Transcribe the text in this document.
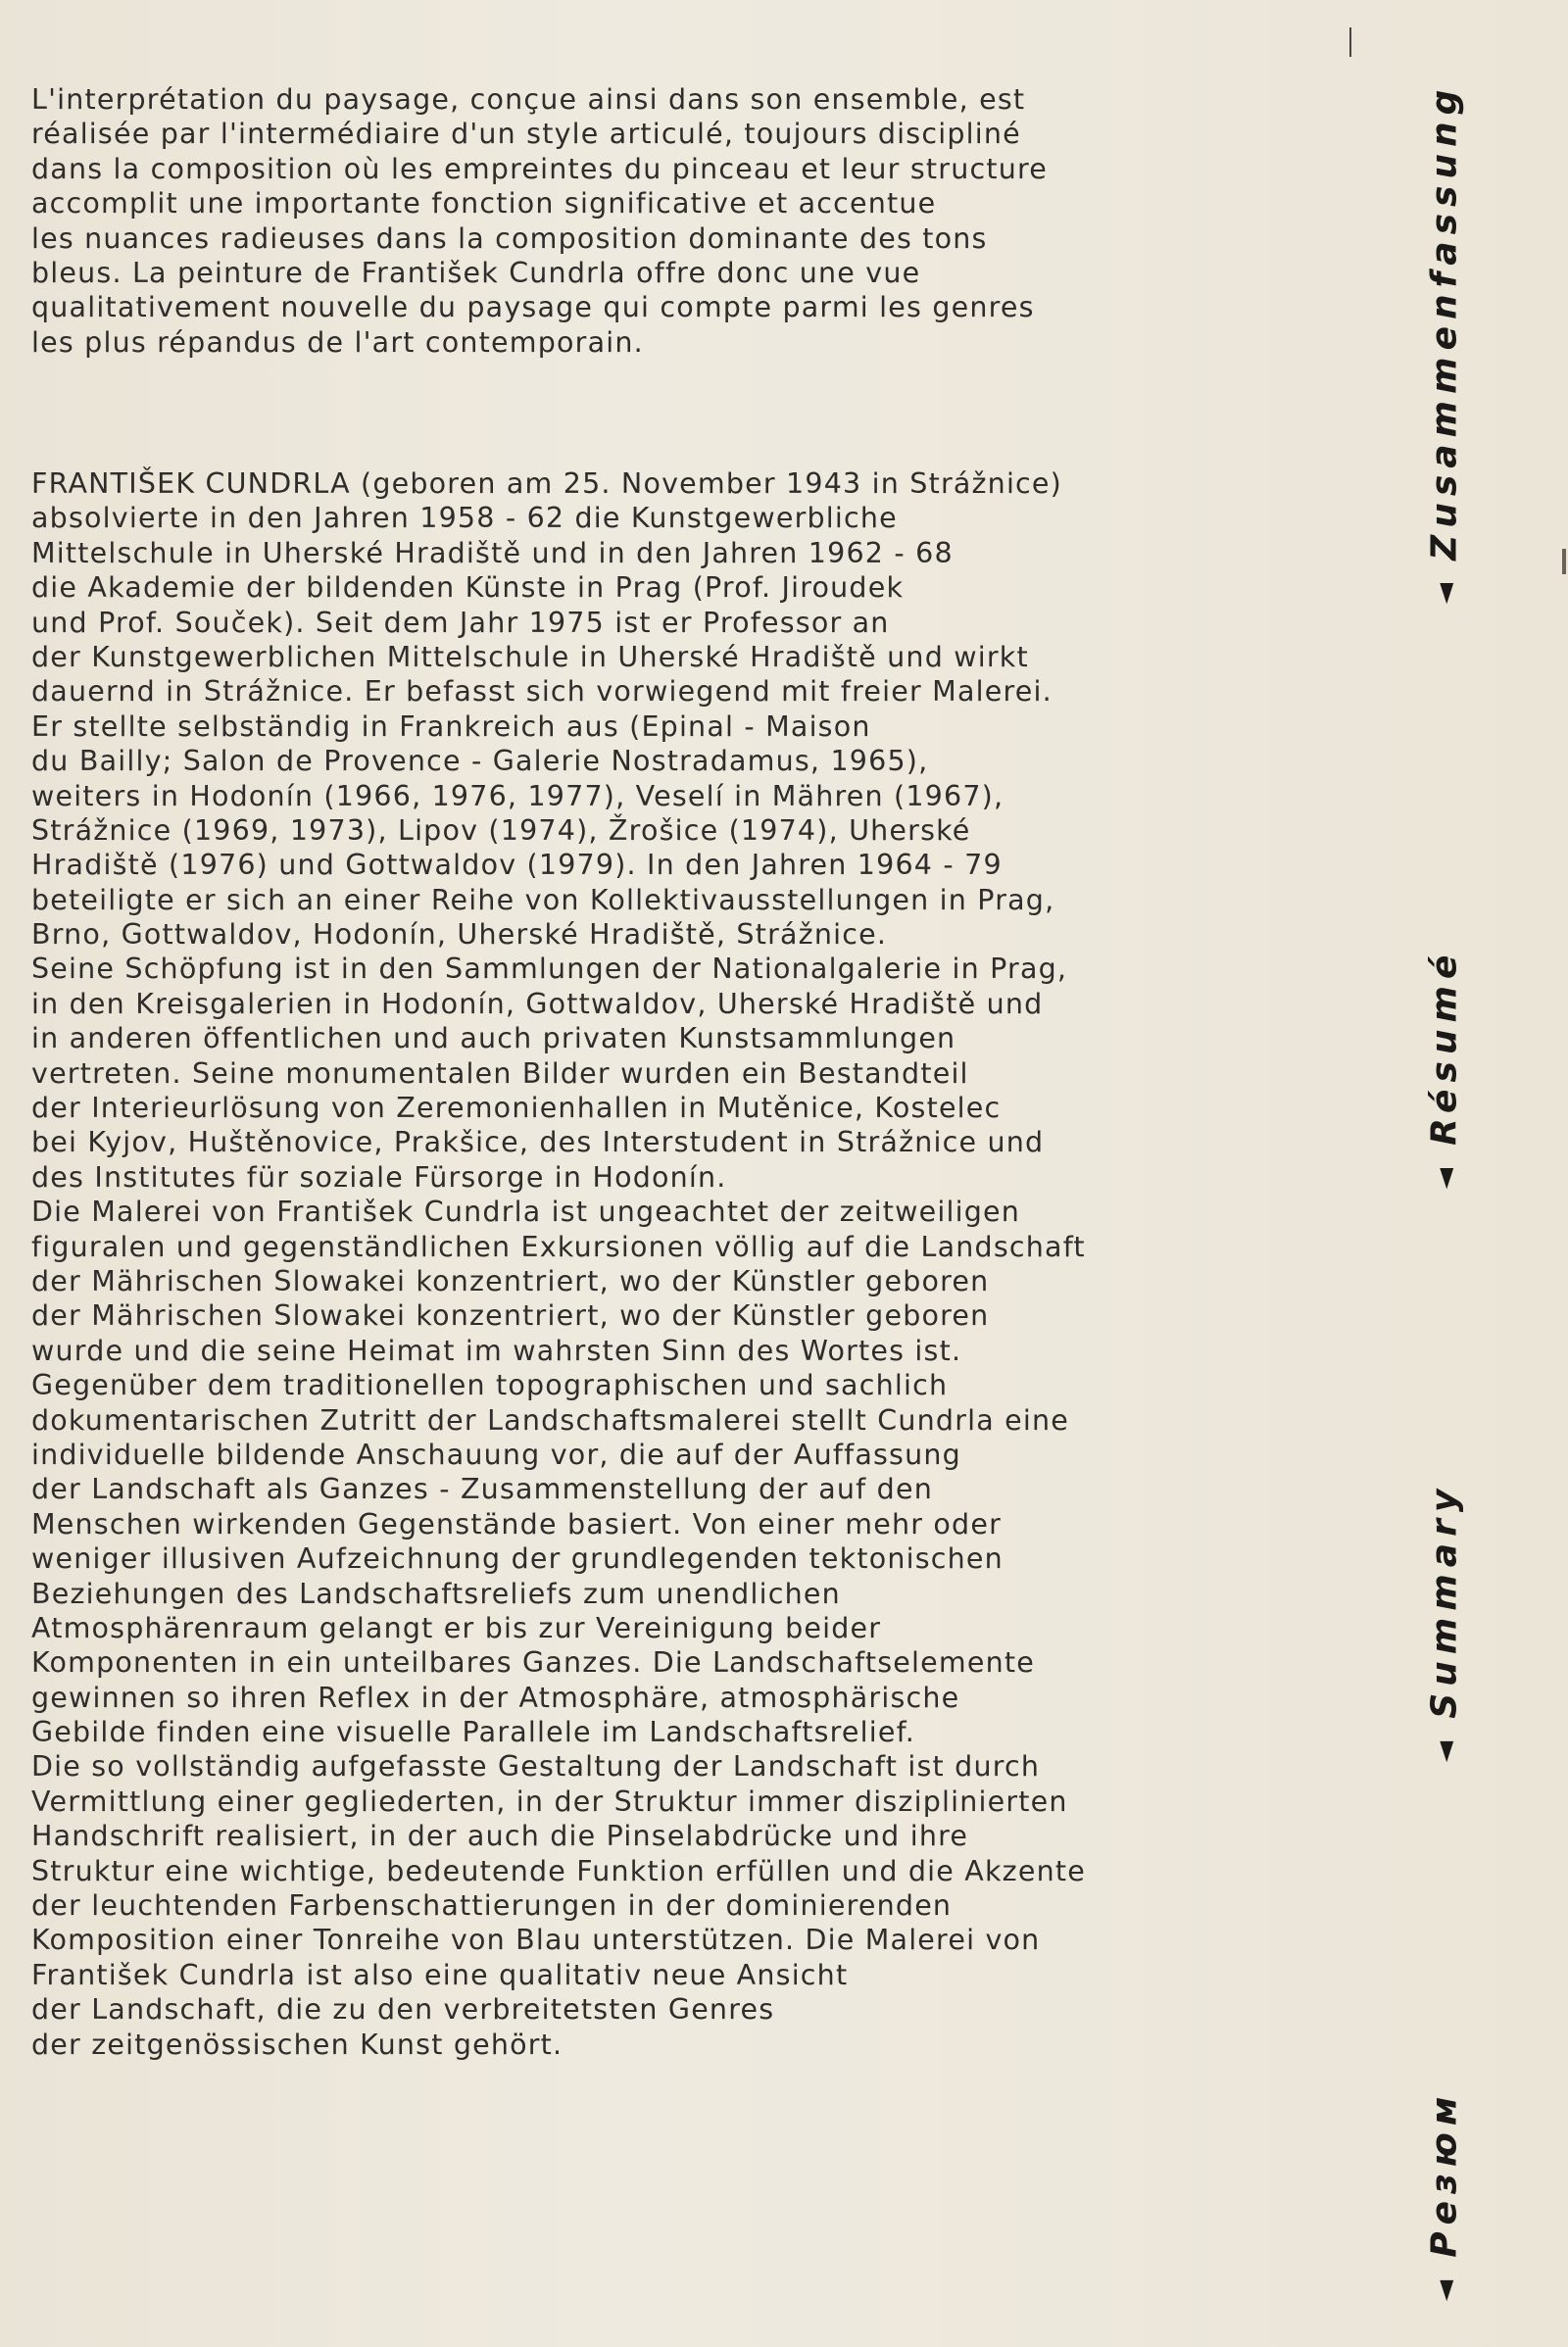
L'interprétation du paysage, conçue ainsi dans son ensemble, est
réalisée par l'intermédiaire d'un style articulé, toujours discipliné
dans la composition où les empreintes du pinceau et leur structure
accomplit une importante fonction significative et accentue
les nuances radieuses dans la composition dominante des tons
bleus. La peinture de František Cundrla offre donc une vue
qualitativement nouvelle du paysage qui compte parmi les genres
les plus répandus de l'art contemporain.
FRANTIŠEK CUNDRLA (geboren am 25. November 1943 in Strážnice)
absolvierte in den Jahren 1958 - 62 die Kunstgewerbliche
Mittelschule in Uherské Hradiště und in den Jahren 1962 - 68
die Akademie der bildenden Künste in Prag (Prof. Jiroudek
und Prof. Souček). Seit dem Jahr 1975 ist er Professor an
der Kunstgewerblichen Mittelschule in Uherské Hradiště und wirkt
dauernd in Strážnice. Er befasst sich vorwiegend mit freier Malerei.
Er stellte selbständig in Frankreich aus (Epinal - Maison
du Bailly; Salon de Provence - Galerie Nostradamus, 1965),
weiters in Hodonín (1966, 1976, 1977), Veselí in Mähren (1967),
Strážnice (1969, 1973), Lipov (1974), Žrošice (1974), Uherské
Hradiště (1976) und Gottwaldov (1979). In den Jahren 1964 - 79
beteiligte er sich an einer Reihe von Kollektivausstellungen in Prag,
Brno, Gottwaldov, Hodonín, Uherské Hradiště, Strážnice.
Seine Schöpfung ist in den Sammlungen der Nationalgalerie in Prag,
in den Kreisgalerien in Hodonín, Gottwaldov, Uherské Hradiště und
in anderen öffentlichen und auch privaten Kunstsammlungen
vertreten. Seine monumentalen Bilder wurden ein Bestandteil
der Interieurlösung von Zeremonienhallen in Mutěnice, Kostelec
bei Kyjov, Huštěnovice, Prakšice, des Interstudent in Strážnice und
des Institutes für soziale Fürsorge in Hodonín.
Die Malerei von František Cundrla ist ungeachtet der zeitweiligen
figuralen und gegenständlichen Exkursionen völlig auf die Landschaft
der Mährischen Slowakei konzentriert, wo der Künstler geboren
der Mährischen Slowakei konzentriert, wo der Künstler geboren
wurde und die seine Heimat im wahrsten Sinn des Wortes ist.
Gegenüber dem traditionellen topographischen und sachlich
dokumentarischen Zutritt der Landschaftsmalerei stellt Cundrla eine
individuelle bildende Anschauung vor, die auf der Auffassung
der Landschaft als Ganzes - Zusammenstellung der auf den
Menschen wirkenden Gegenstände basiert. Von einer mehr oder
weniger illusiven Aufzeichnung der grundlegenden tektonischen
Beziehungen des Landschaftsreliefs zum unendlichen
Atmosphärenraum gelangt er bis zur Vereinigung beider
Komponenten in ein unteilbares Ganzes. Die Landschaftselemente
gewinnen so ihren Reflex in der Atmosphäre, atmosphärische
Gebilde finden eine visuelle Parallele im Landschaftsrelief.
Die so vollständig aufgefasste Gestaltung der Landschaft ist durch
Vermittlung einer gegliederten, in der Struktur immer disziplinierten
Handschrift realisiert, in der auch die Pinselabdrücke und ihre
Struktur eine wichtige, bedeutende Funktion erfüllen und die Akzente
der leuchtenden Farbenschattierungen in der dominierenden
Komposition einer Tonreihe von Blau unterstützen. Die Malerei von
František Cundrla ist also eine qualitativ neue Ansicht
der Landschaft, die zu den verbreitetsten Genres
der zeitgenössischen Kunst gehört.
◄Zusammenfassung
◄Résumé
◄Summary
◄Резюм
